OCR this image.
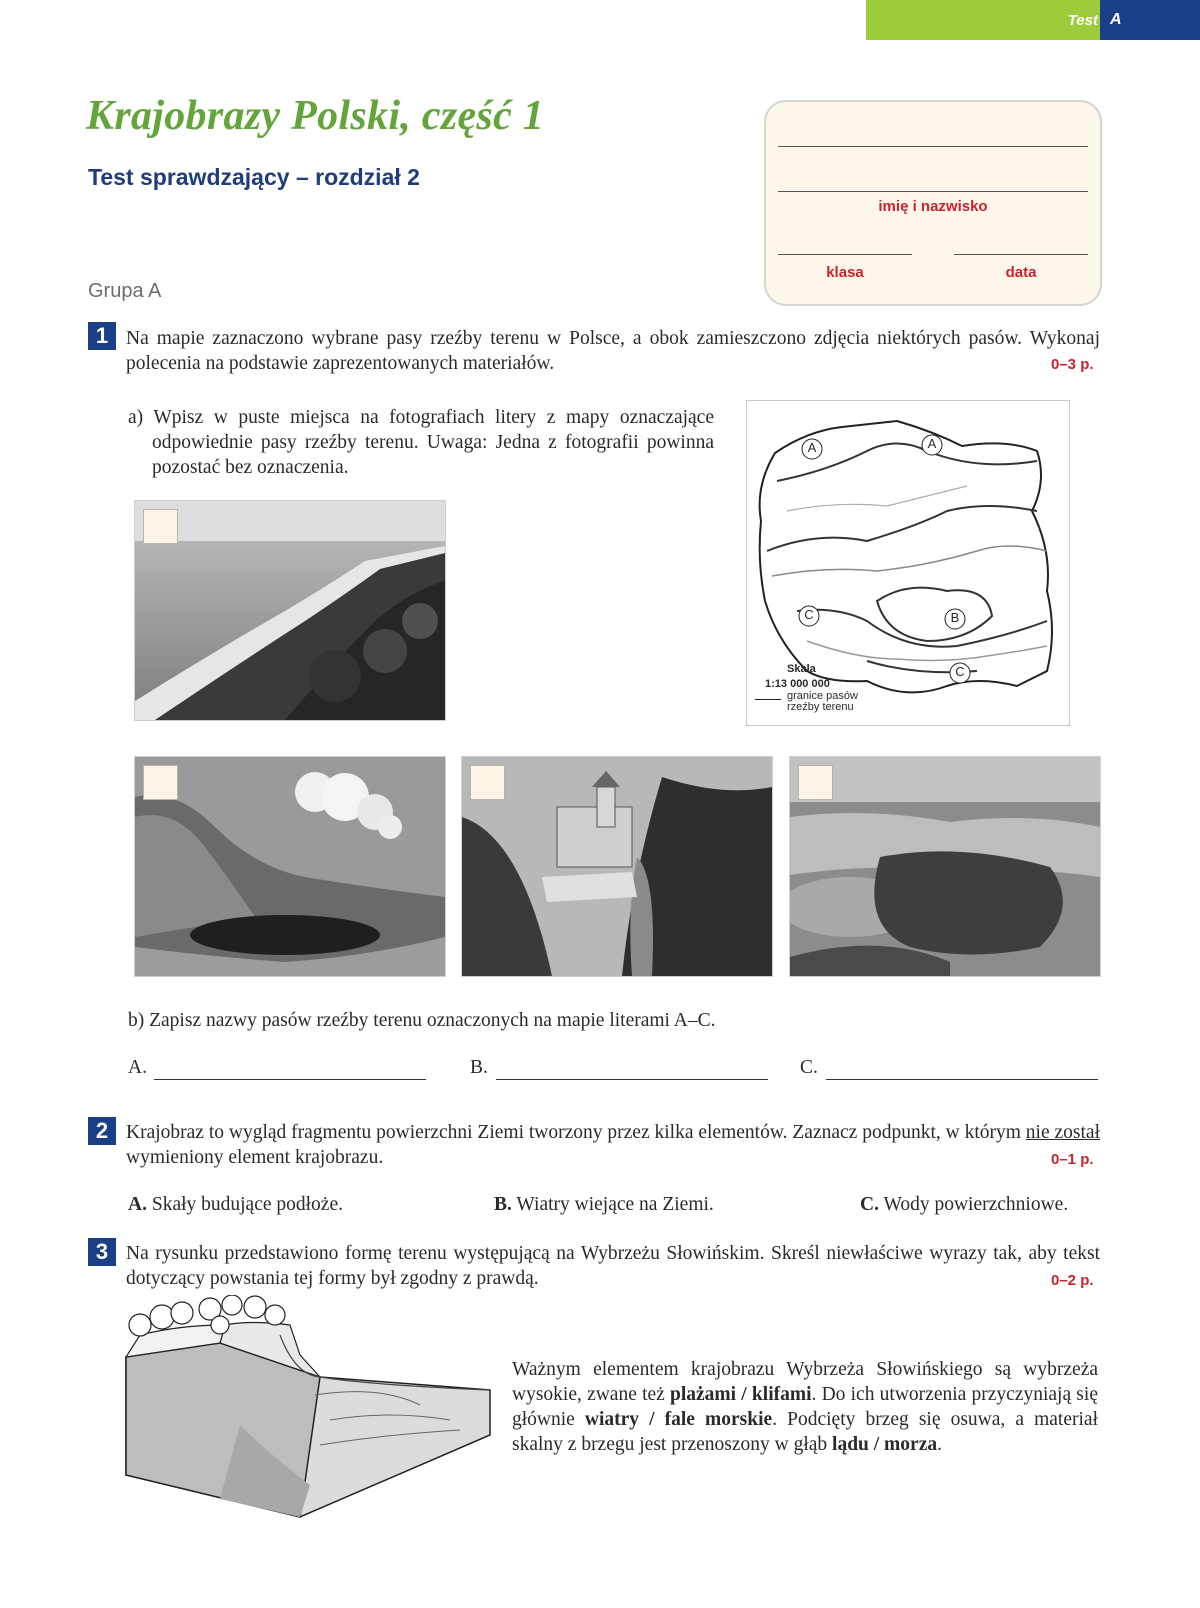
Test A
Krajobrazy Polski, część 1
Test sprawdzający – rozdział 2
Grupa A
imię i nazwisko
klasa	data
1 Na mapie zaznaczono wybrane pasy rzeźby terenu w Polsce, a obok zamieszczono zdjęcia niektórych pasów. Wykonaj polecenia na podstawie zaprezentowanych materiałów.	0–3 p.
a) Wpisz w puste miejsca na fotografiach litery z mapy oznaczające odpowiednie pasy rzeźby terenu. Uwaga: Jedna z fotografii powinna pozostać bez oznaczenia.
A	A
B
C
C
Skala
1:13 000 000
granice pasów
rzeźby terenu
b) Zapisz nazwy pasów rzeźby terenu oznaczonych na mapie literami A–C.
A.	B.	C.
2 Krajobraz to wygląd fragmentu powierzchni Ziemi tworzony przez kilka elementów. Zaznacz podpunkt, w którym nie został wymieniony element krajobrazu.	0–1 p.
A. Skały budujące podłoże.	B. Wiatry wiejące na Ziemi.	C. Wody powierzchniowe.
3 Na rysunku przedstawiono formę terenu występującą na Wybrzeżu Słowińskim. Skreśl niewłaściwe wyrazy tak, aby tekst dotyczący powstania tej formy był zgodny z prawdą.	0–2 p.
Ważnym elementem krajobrazu Wybrzeża Słowińskiego są wybrzeża wysokie, zwane też plażami / klifami. Do ich utworzenia przyczyniają się głównie wiatry / fale morskie. Podcięty brzeg się osuwa, a materiał skalny z brzegu jest przenoszony w głąb lądu / morza.
